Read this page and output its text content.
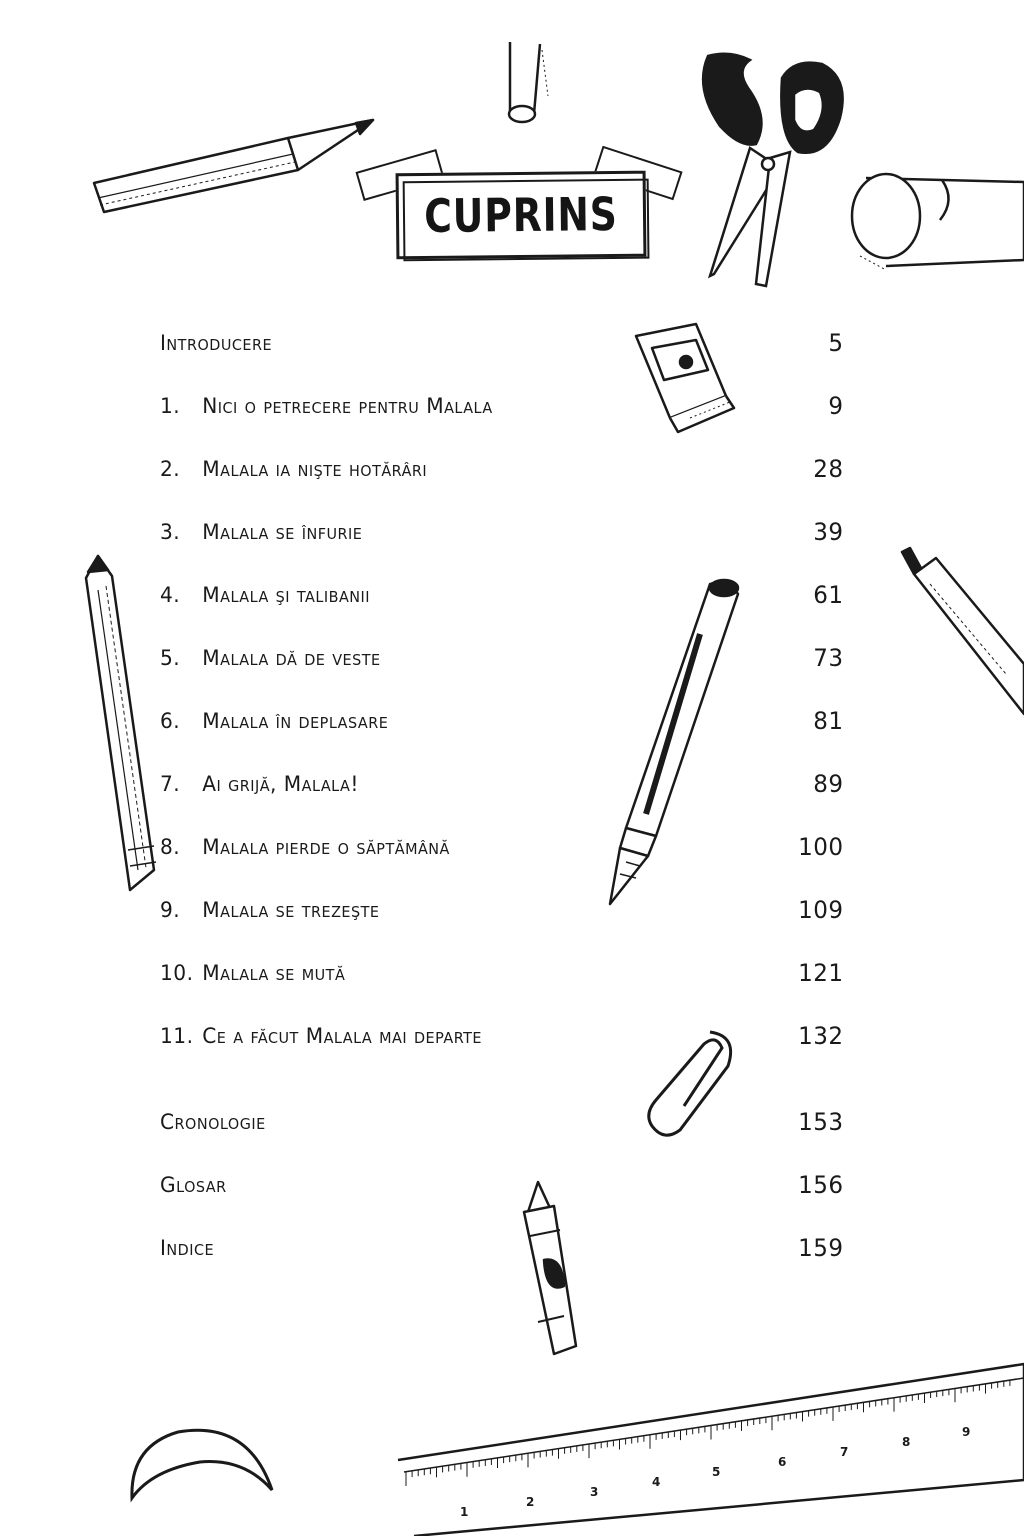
1
2
3
4
5
6
7
8
9
CUPRINS
Introducere	5
1.	Nici o petrecere pentru Malala	9
2.	Malala ia nişte hotărâri	28
3.	Malala se înfurie	39
4.	Malala şi talibanii	61
5.	Malala dă de veste	73
6.	Malala în deplasare	81
7.	Ai grijă, Malala!	89
8.	Malala pierde o săptămână	100
9.	Malala se trezeşte	109
10. Malala se mută	121
11. Ce a făcut Malala mai departe	132
Cronologie	153
Glosar	156
Indice	159
